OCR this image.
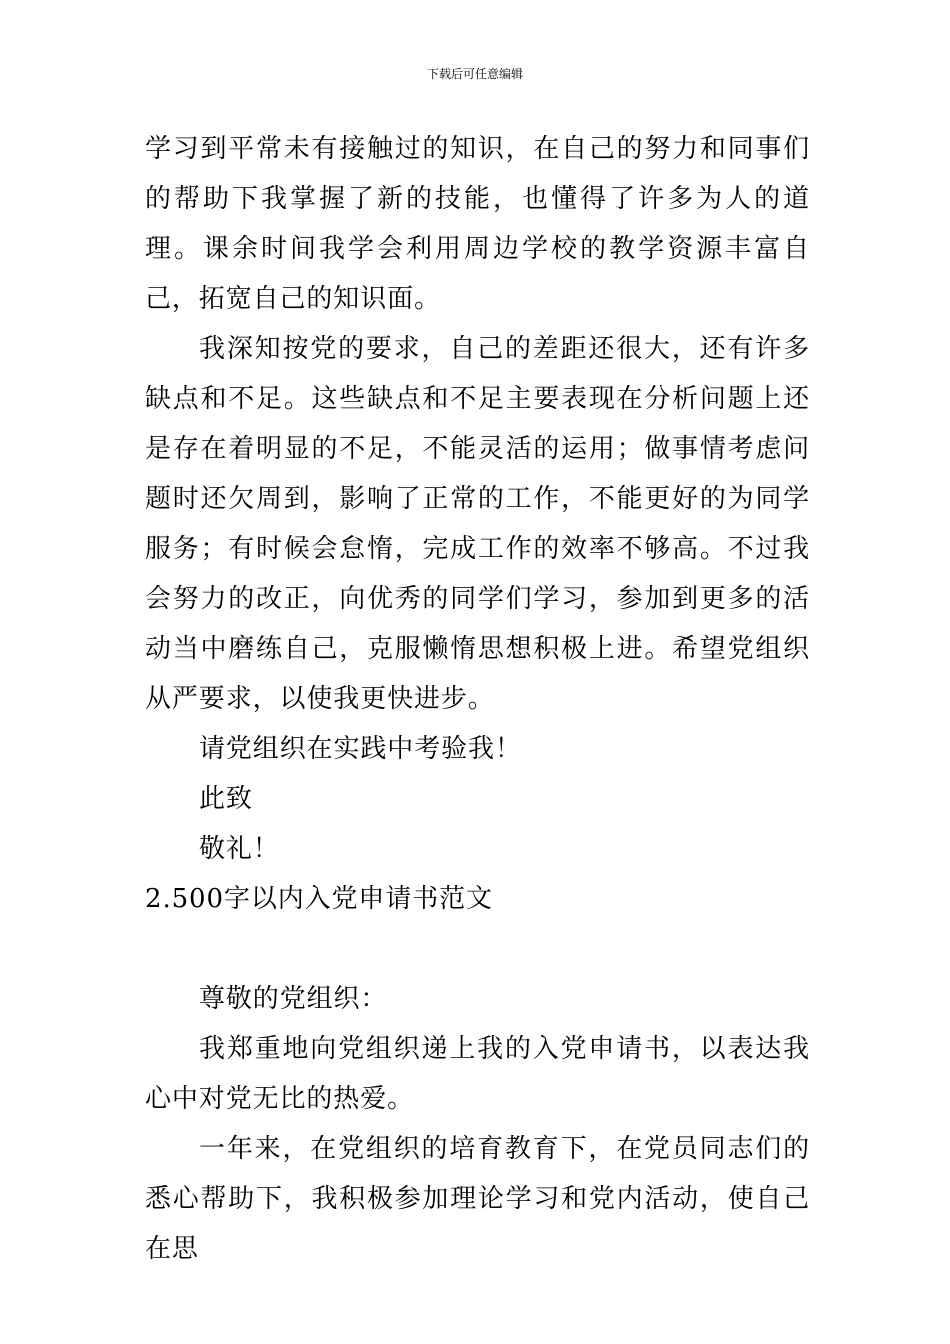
下载后可任意编辑

学习到平常未有接触过的知识，在自己的努力和同事们的帮助下我掌握了新的技能，也懂得了许多为人的道理。课余时间我学会利用周边学校的教学资源丰富自己，拓宽自己的知识面。

我深知按党的要求，自己的差距还很大，还有许多缺点和不足。这些缺点和不足主要表现在分析问题上还是存在着明显的不足，不能灵活的运用；做事情考虑问题时还欠周到，影响了正常的工作，不能更好的为同学服务；有时候会怠惰，完成工作的效率不够高。不过我会努力的改正，向优秀的同学们学习，参加到更多的活动当中磨练自己，克服懒惰思想积极上进。希望党组织从严要求，以使我更快进步。

请党组织在实践中考验我！

此致

敬礼！

2.500字以内入党申请书范文

尊敬的党组织：

我郑重地向党组织递上我的入党申请书，以表达我心中对党无比的热爱。

一年来，在党组织的培育教育下，在党员同志们的悉心帮助下，我积极参加理论学习和党内活动，使自己在思
